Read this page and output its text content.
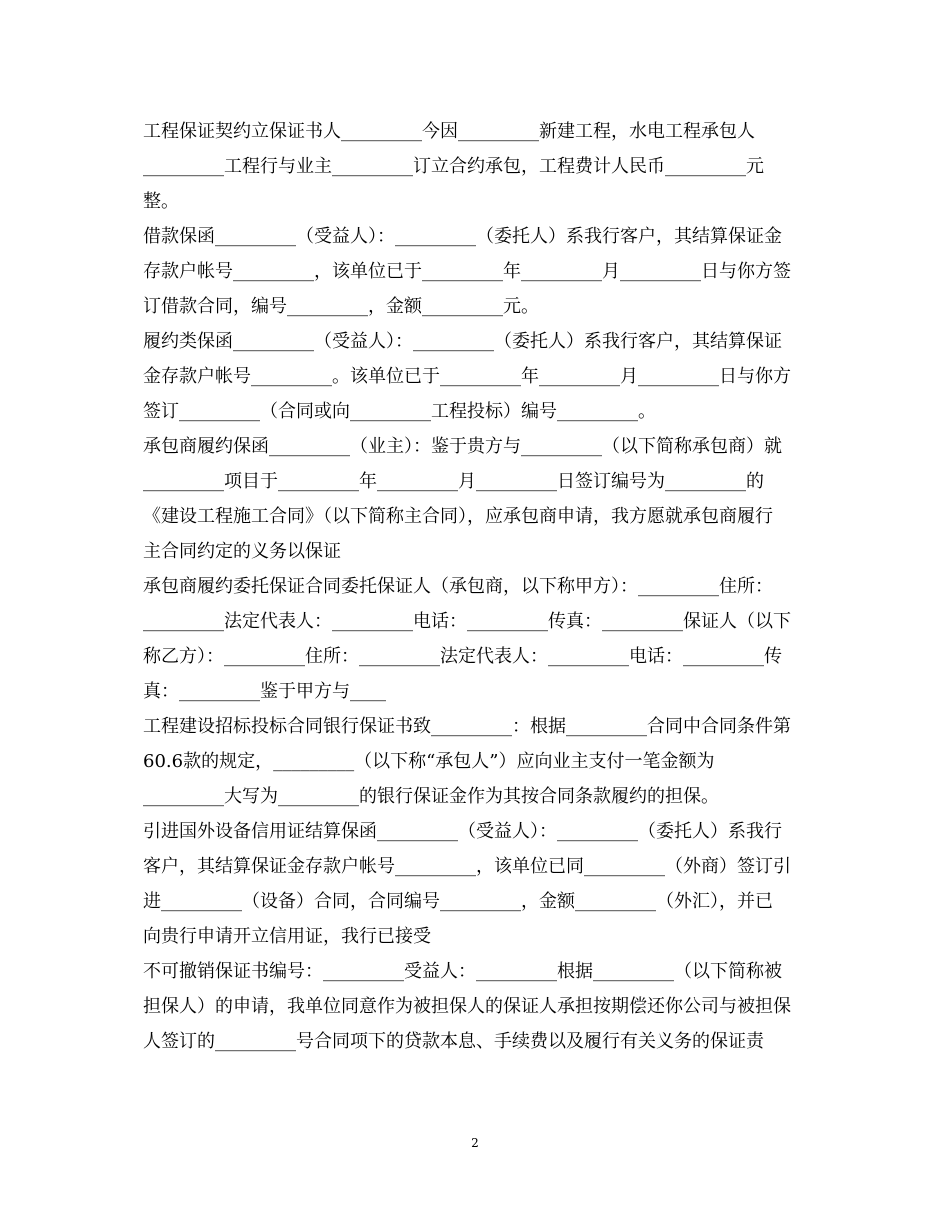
工程保证契约立保证书人_________今因_________新建工程，水电工程承包人
_________工程行与业主_________订立合约承包，工程费计人民币_________元
整。
借款保函_________（受益人）：_________（委托人）系我行客户，其结算保证金
存款户帐号_________，该单位已于_________年_________月_________日与你方签
订借款合同，编号_________，金额_________元。
履约类保函_________（受益人）：_________（委托人）系我行客户，其结算保证
金存款户帐号_________。该单位已于_________年_________月_________日与你方
签订_________（合同或向_________工程投标）编号_________。
承包商履约保函_________（业主）：鉴于贵方与_________（以下简称承包商）就
_________项目于_________年_________月_________日签订编号为_________的
《建设工程施工合同》（以下简称主合同），应承包商申请，我方愿就承包商履行
主合同约定的义务以保证
承包商履约委托保证合同委托保证人（承包商，以下称甲方）：_________住所：
_________法定代表人：_________电话：_________传真：_________保证人（以下
称乙方）：_________住所：_________法定代表人：_________电话：_________传
真：_________鉴于甲方与____
工程建设招标投标合同银行保证书致_________：根据_________合同中合同条件第
60.6款的规定，_________（以下称“承包人”）应向业主支付一笔金额为
_________大写为_________的银行保证金作为其按合同条款履约的担保。
引进国外设备信用证结算保函_________（受益人）：_________（委托人）系我行
客户，其结算保证金存款户帐号_________，该单位已同_________（外商）签订引
进_________（设备）合同，合同编号_________，金额_________（外汇），并已
向贵行申请开立信用证，我行已接受
不可撤销保证书编号：_________受益人：_________根据_________（以下简称被
担保人）的申请，我单位同意作为被担保人的保证人承担按期偿还你公司与被担保
人签订的_________号合同项下的贷款本息、手续费以及履行有关义务的保证责
2
